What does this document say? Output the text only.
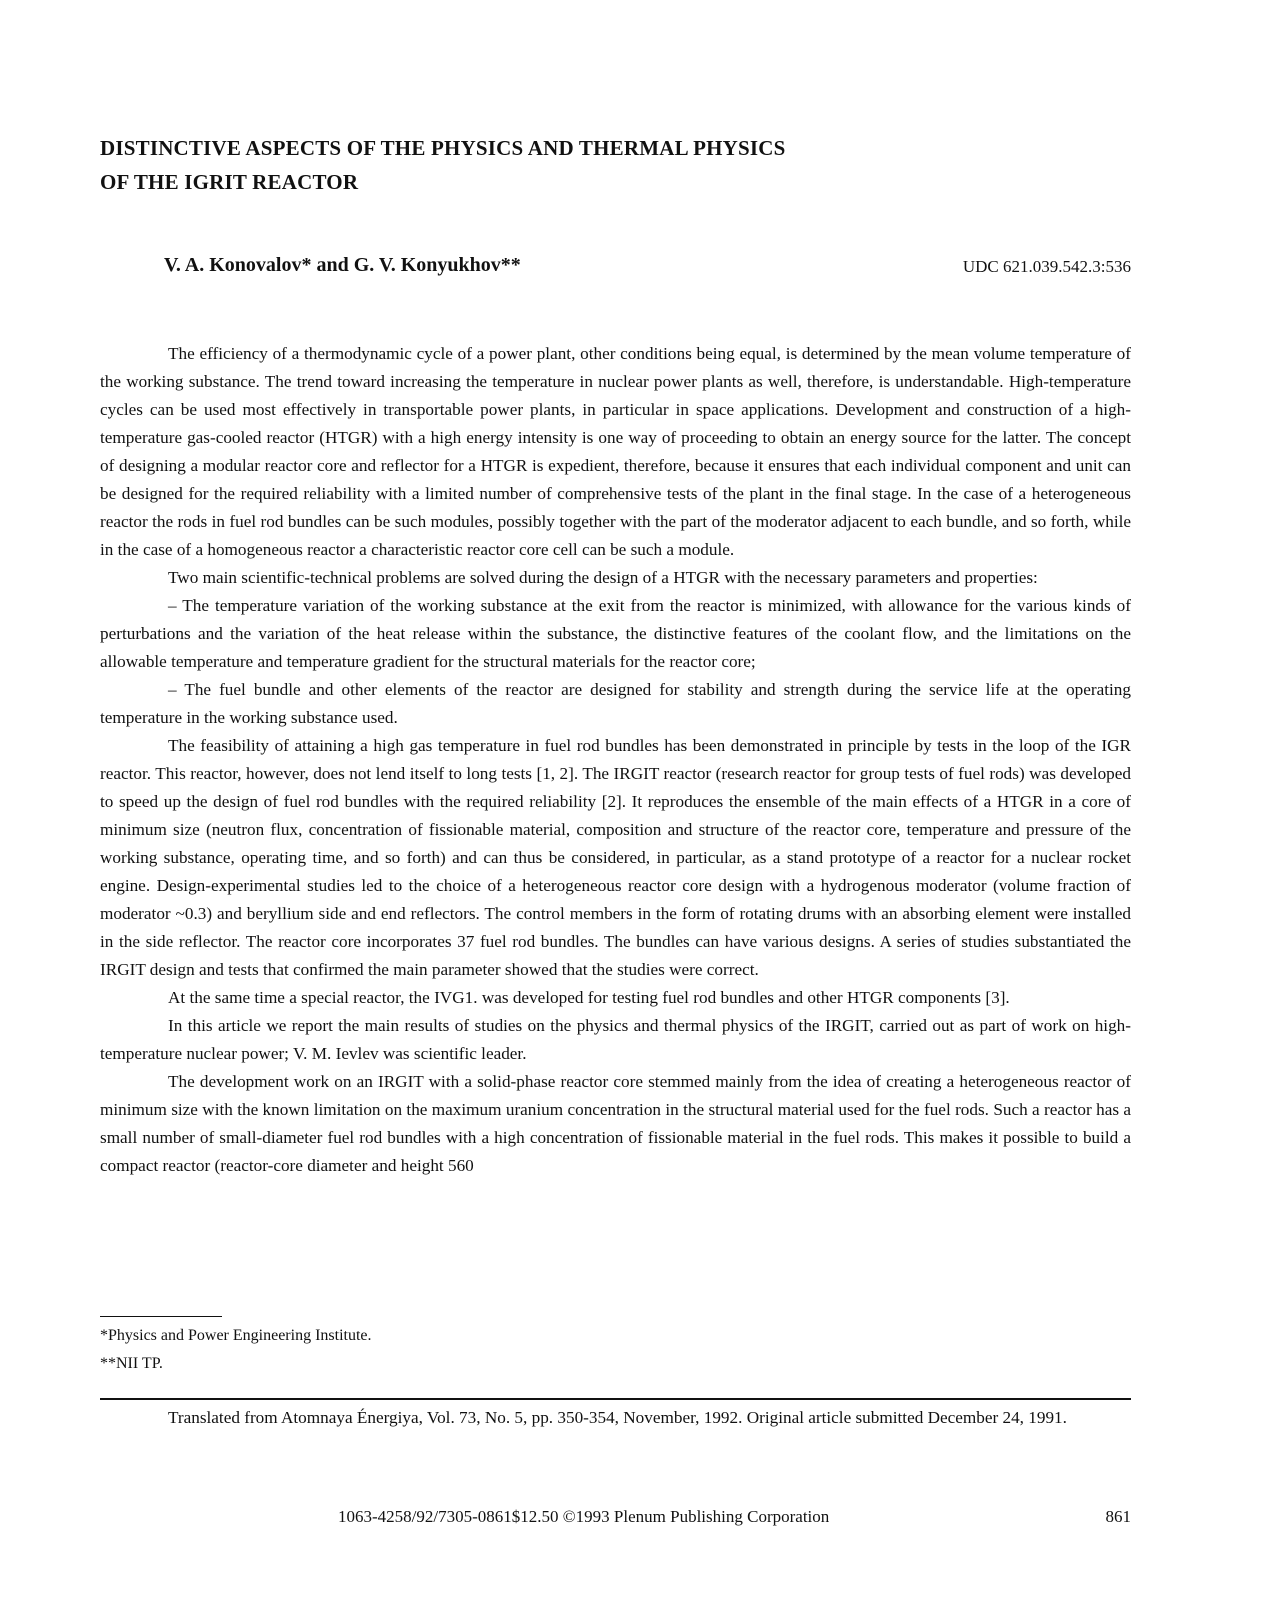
DISTINCTIVE ASPECTS OF THE PHYSICS AND THERMAL PHYSICS
OF THE IGRIT REACTOR
V. A. Konovalov* and G. V. Konyukhov**	UDC 621.039.542.3:536

The efficiency of a thermodynamic cycle of a power plant, other conditions being equal, is determined by the mean volume temperature of the working substance. The trend toward increasing the temperature in nuclear power plants as well, therefore, is understandable. High-temperature cycles can be used most effectively in transportable power plants, in particular in space applications. Development and construction of a high-temperature gas-cooled reactor (HTGR) with a high energy intensity is one way of proceeding to obtain an energy source for the latter. The concept of designing a modular reactor core and reflector for a HTGR is expedient, therefore, because it ensures that each individual component and unit can be designed for the required reliability with a limited number of comprehensive tests of the plant in the final stage. In the case of a heterogeneous reactor the rods in fuel rod bundles can be such modules, possibly together with the part of the moderator adjacent to each bundle, and so forth, while in the case of a homogeneous reactor a characteristic reactor core cell can be such a module.

Two main scientific-technical problems are solved during the design of a HTGR with the necessary parameters and properties:

– The temperature variation of the working substance at the exit from the reactor is minimized, with allowance for the various kinds of perturbations and the variation of the heat release within the substance, the distinctive features of the coolant flow, and the limitations on the allowable temperature and temperature gradient for the structural materials for the reactor core;

– The fuel bundle and other elements of the reactor are designed for stability and strength during the service life at the operating temperature in the working substance used.

The feasibility of attaining a high gas temperature in fuel rod bundles has been demonstrated in principle by tests in the loop of the IGR reactor. This reactor, however, does not lend itself to long tests [1, 2]. The IRGIT reactor (research reactor for group tests of fuel rods) was developed to speed up the design of fuel rod bundles with the required reliability [2]. It reproduces the ensemble of the main effects of a HTGR in a core of minimum size (neutron flux, concentration of fissionable material, composition and structure of the reactor core, temperature and pressure of the working substance, operating time, and so forth) and can thus be considered, in particular, as a stand prototype of a reactor for a nuclear rocket engine. Design-experimental studies led to the choice of a heterogeneous reactor core design with a hydrogenous moderator (volume fraction of moderator ~0.3) and beryllium side and end reflectors. The control members in the form of rotating drums with an absorbing element were installed in the side reflector. The reactor core incorporates 37 fuel rod bundles. The bundles can have various designs. A series of studies substantiated the IRGIT design and tests that confirmed the main parameter showed that the studies were correct.

At the same time a special reactor, the IVG1. was developed for testing fuel rod bundles and other HTGR components [3].

In this article we report the main results of studies on the physics and thermal physics of the IRGIT, carried out as part of work on high-temperature nuclear power; V. M. Ievlev was scientific leader.

The development work on an IRGIT with a solid-phase reactor core stemmed mainly from the idea of creating a heterogeneous reactor of minimum size with the known limitation on the maximum uranium concentration in the structural material used for the fuel rods. Such a reactor has a small number of small-diameter fuel rod bundles with a high concentration of fissionable material in the fuel rods. This makes it possible to build a compact reactor (reactor-core diameter and height 560

*Physics and Power Engineering Institute.
**NII TP.

Translated from Atomnaya Énergiya, Vol. 73, No. 5, pp. 350-354, November, 1992. Original article submitted December 24, 1991.

1063-4258/92/7305-0861$12.50 ©1993 Plenum Publishing Corporation	861
